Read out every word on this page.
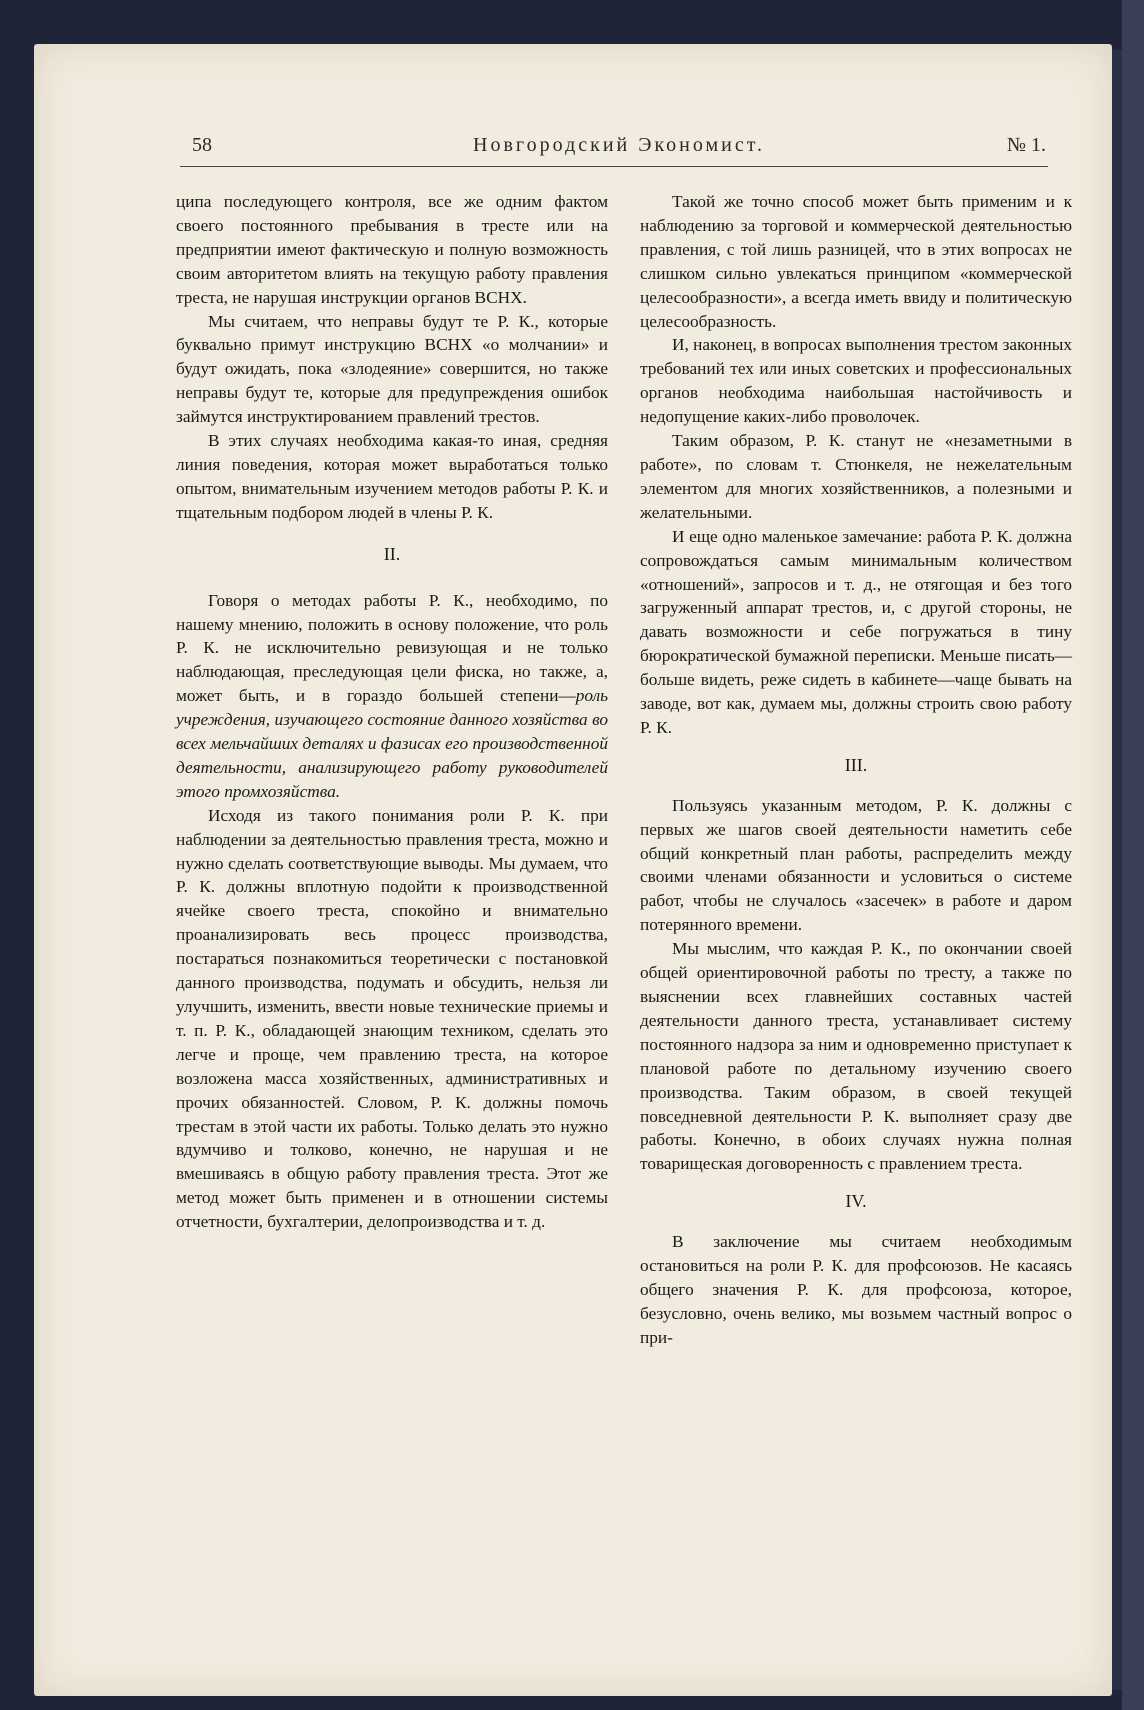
58	Новгородский Экономист.	№ 1.

ципа последующего контроля, все же одним фактом своего постоянного пребывания в тресте или на предприятии имеют фактическую и полную возможность своим авторитетом влиять на текущую работу правления треста, не нарушая инструкции органов ВСНХ.

Мы считаем, что неправы будут те Р. К., которые буквально примут инструкцию ВСНХ «о молчании» и будут ожидать, пока «злодеяние» совершится, но также неправы будут те, которые для предупреждения ошибок займутся инструктированием правлений трестов.

В этих случаях необходима какая-то иная, средняя линия поведения, которая может выработаться только опытом, внимательным изучением методов работы Р. К. и тщательным подбором людей в члены Р. К.

II.

Говоря о методах работы Р. К., необходимо, по нашему мнению, положить в основу положение, что роль Р. К. не исключительно ревизующая и не только наблюдающая, преследующая цели фиска, но также, а, может быть, и в гораздо большей степени—роль учреждения, изучающего состояние данного хозяйства во всех мельчайших деталях и фазисах его производственной деятельности, анализирующего работу руководителей этого промхозяйства.

Исходя из такого понимания роли Р. К. при наблюдении за деятельностью правления треста, можно и нужно сделать соответствующие выводы. Мы думаем, что Р. К. должны вплотную подойти к производственной ячейке своего треста, спокойно и внимательно проанализировать весь процесс производства, постараться познакомиться теоретически с постановкой данного производства, подумать и обсудить, нельзя ли улучшить, изменить, ввести новые технические приемы и т. п. Р. К., обладающей знающим техником, сделать это легче и проще, чем правлению треста, на которое возложена масса хозяйственных, административных и прочих обязанностей. Словом, Р. К. должны помочь трестам в этой части их работы. Только делать это нужно вдумчиво и толково, конечно, не нарушая и не вмешиваясь в общую работу правления треста. Этот же метод может быть применен и в отношении системы отчетности, бухгалтерии, делопроизводства и т. д.

Такой же точно способ может быть применим и к наблюдению за торговой и коммерческой деятельностью правления, с той лишь разницей, что в этих вопросах не слишком сильно увлекаться принципом «коммерческой целесообразности», а всегда иметь ввиду и политическую целесообразность.

И, наконец, в вопросах выполнения трестом законных требований тех или иных советских и профессиональных органов необходима наибольшая настойчивость и недопущение каких-либо проволочек.

Таким образом, Р. К. станут не «незаметными в работе», по словам т. Стюнкеля, не нежелательным элементом для многих хозяйственников, а полезными и желательными.

И еще одно маленькое замечание: работа Р. К. должна сопровождаться самым минимальным количеством «отношений», запросов и т. д., не отягощая и без того загруженный аппарат трестов, и, с другой стороны, не давать возможности и себе погружаться в тину бюрократической бумажной переписки. Меньше писать—больше видеть, реже сидеть в кабинете—чаще бывать на заводе, вот как, думаем мы, должны строить свою работу Р. К.

III.

Пользуясь указанным методом, Р. К. должны с первых же шагов своей деятельности наметить себе общий конкретный план работы, распределить между своими членами обязанности и условиться о системе работ, чтобы не случалось «засечек» в работе и даром потерянного времени.

Мы мыслим, что каждая Р. К., по окончании своей общей ориентировочной работы по тресту, а также по выяснении всех главнейших составных частей деятельности данного треста, устанавливает систему постоянного надзора за ним и одновременно приступает к плановой работе по детальному изучению своего производства. Таким образом, в своей текущей повседневной деятельности Р. К. выполняет сразу две работы. Конечно, в обоих случаях нужна полная товарищеская договоренность с правлением треста.

IV.

В заключение мы считаем необходимым остановиться на роли Р. К. для профсоюзов. Не касаясь общего значения Р. К. для профсоюза, которое, безусловно, очень велико, мы возьмем частный вопрос о при-
